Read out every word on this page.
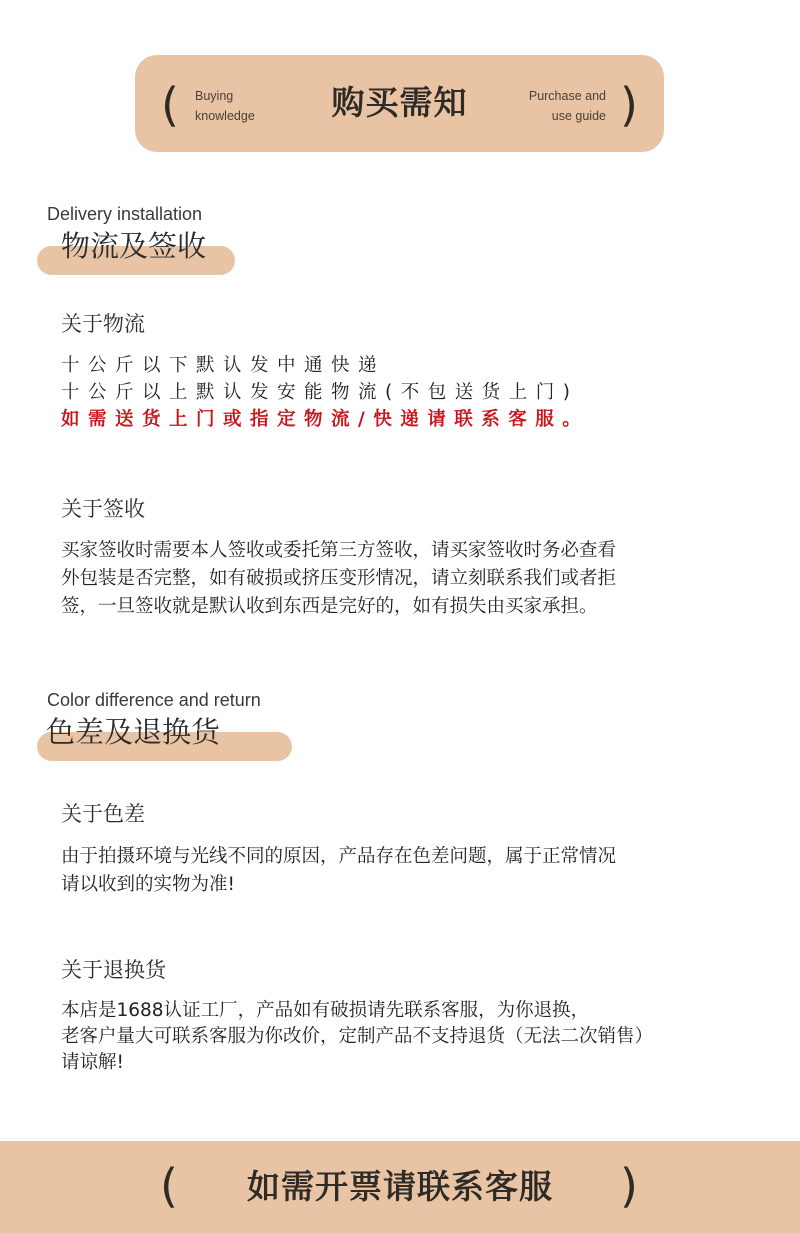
( Buying
knowledge	购买需知	Purchase and
use guide )
Delivery installation
物流及签收
关于物流
十公斤以下默认发中通快递
十公斤以上默认发安能物流(不包送货上门)
如需送货上门或指定物流/快递请联系客服。
关于签收
买家签收时需要本人签收或委托第三方签收，请买家签收时务必查看
外包装是否完整，如有破损或挤压变形情况，请立刻联系我们或者拒
签，一旦签收就是默认收到东西是完好的，如有损失由买家承担。
Color difference and return
色差及退换货
关于色差
由于拍摄环境与光线不同的原因，产品存在色差问题，属于正常情况
请以收到的实物为准!
关于退换货
本店是1688认证工厂，产品如有破损请先联系客服，为你退换，
老客户量大可联系客服为你改价，定制产品不支持退货（无法二次销售）
请谅解!
(	如需开票请联系客服	)
